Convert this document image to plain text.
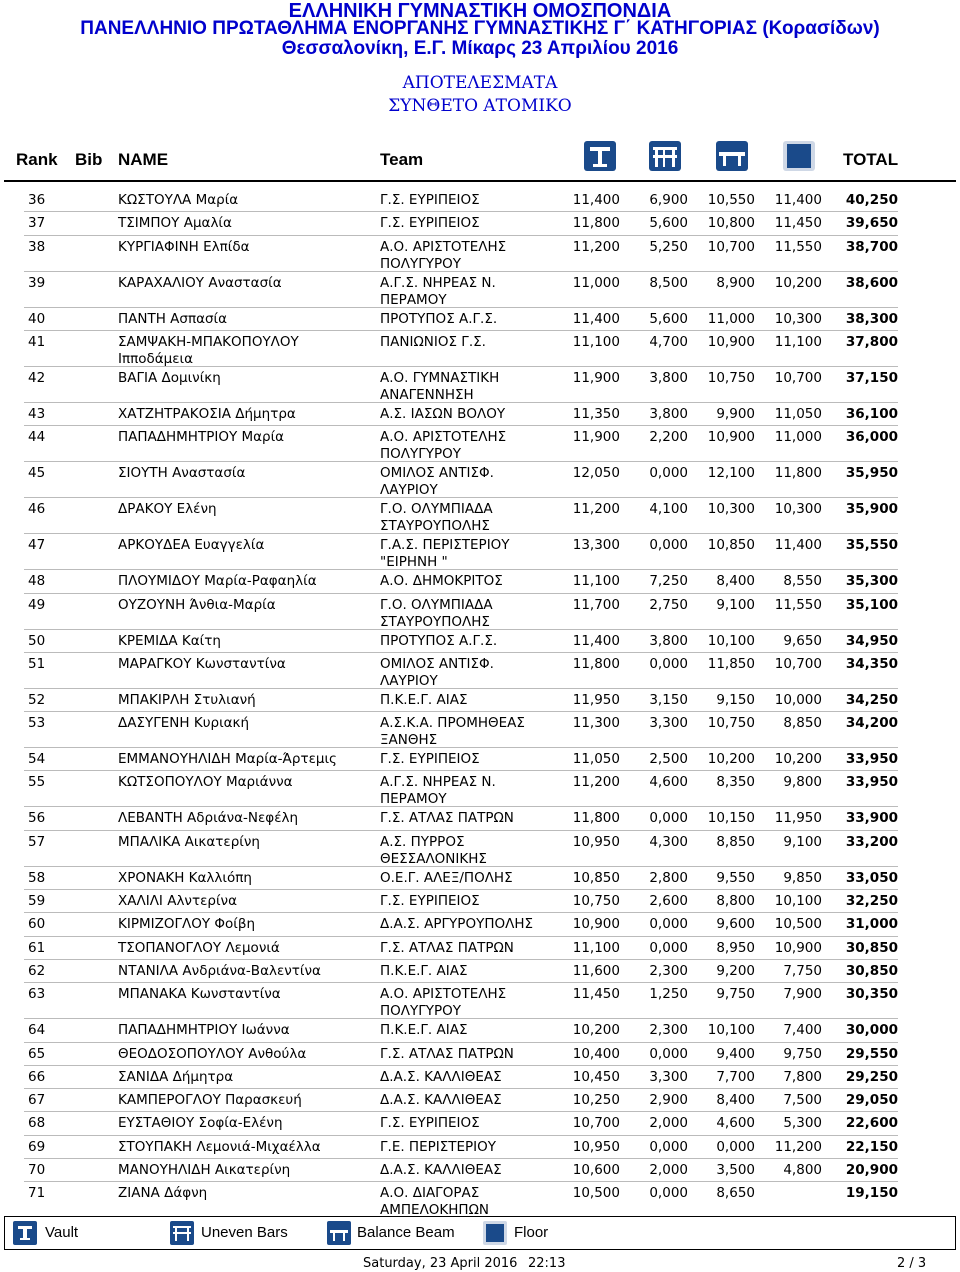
ΕΛΛΗΝΙΚΗ ΓΥΜΝΑΣΤΙΚΗ ΟΜΟΣΠΟΝΔΙΑ
ΠΑΝΕΛΛΗΝΙΟ ΠΡΩΤΑΘΛΗΜΑ ΕΝΟΡΓΑΝΗΣ ΓΥΜΝΑΣΤΙΚΗΣ Γ΄ ΚΑΤΗΓΟΡΙΑΣ (Κορασίδων)
Θεσσαλονίκη, Ε.Γ. Μίκαρς 23 Απριλίου 2016
ΑΠΟΤΕΛΕΣΜΑΤΑ
ΣΥΝΘΕΤΟ ΑΤΟΜΙΚΟ
Rank Bib NAME	Team	TOTAL
36	ΚΩΣΤΟΥΛΑ Μαρία	Γ.Σ. ΕΥΡΙΠΕΙΟΣ	11,400 6,900 10,550 11,400 40,250
37	ΤΣΙΜΠΟΥ Αμαλία	Γ.Σ. ΕΥΡΙΠΕΙΟΣ	11,800 5,600 10,800 11,450 39,650
38	ΚΥΡΓΙΑΦΙΝΗ Ελπίδα	Α.Ο. ΑΡΙΣΤΟΤΕΛΗΣ
ΠΟΛΥΓΥΡΟΥ
11,200 5,250 10,700 11,550 38,700
39	ΚΑΡΑΧΑΛΙΟΥ Αναστασία	Α.Γ.Σ. ΝΗΡΕΑΣ Ν.
ΠΕΡΑΜΟΥ
11,000 8,500 8,900 10,200 38,600
40	ΠΑΝΤΗ Ασπασία	ΠΡΟΤΥΠΟΣ Α.Γ.Σ.	11,400 5,600 11,000 10,300 38,300
41	ΣΑΜΨΑΚΗ-ΜΠΑΚΟΠΟΥΛΟΥ
Ιπποδάμεια
ΠΑΝΙΩΝΙΟΣ Γ.Σ.	11,100 4,700 10,900 11,100 37,800
42	ΒΑΓΙΑ Δομινίκη	Α.Ο. ΓΥΜΝΑΣΤΙΚΗ
ΑΝΑΓΕΝΝΗΣΗ
11,900 3,800 10,750 10,700 37,150
43	ΧΑΤΖΗΤΡΑΚΟΣΙΑ Δήμητρα	Α.Σ. ΙΑΣΩΝ ΒΟΛΟΥ	11,350 3,800 9,900 11,050 36,100
44	ΠΑΠΑΔΗΜΗΤΡΙΟΥ Μαρία	Α.Ο. ΑΡΙΣΤΟΤΕΛΗΣ
ΠΟΛΥΓΥΡΟΥ
11,900 2,200 10,900 11,000 36,000
45	ΣΙΟΥΤΗ Αναστασία	ΟΜΙΛΟΣ ΑΝΤΙΣΦ.
ΛΑΥΡΙΟΥ
12,050 0,000 12,100 11,800 35,950
46	ΔΡΑΚΟΥ Ελένη	Γ.Ο. ΟΛΥΜΠΙΑΔΑ
ΣΤΑΥΡΟΥΠΟΛΗΣ
11,200 4,100 10,300 10,300 35,900
47	ΑΡΚΟΥΔΕΑ Ευαγγελία	Γ.Α.Σ. ΠΕΡΙΣΤΕΡΙΟΥ
"ΕΙΡΗΝΗ "
13,300 0,000 10,850 11,400 35,550
48	ΠΛΟΥΜΙΔΟΥ Μαρία-Ραφαηλία	Α.Ο. ΔΗΜΟΚΡΙΤΟΣ	11,100 7,250 8,400 8,550 35,300
49	ΟΥΖΟΥΝΗ Άνθια-Μαρία	Γ.Ο. ΟΛΥΜΠΙΑΔΑ
ΣΤΑΥΡΟΥΠΟΛΗΣ
11,700 2,750 9,100 11,550 35,100
50	ΚΡΕΜΙΔΑ Καίτη	ΠΡΟΤΥΠΟΣ Α.Γ.Σ.	11,400 3,800 10,100 9,650 34,950
51	ΜΑΡΑΓΚΟΥ Κωνσταντίνα	ΟΜΙΛΟΣ ΑΝΤΙΣΦ.
ΛΑΥΡΙΟΥ
11,800 0,000 11,850 10,700 34,350
52	ΜΠΑΚΙΡΛΗ Στυλιανή	Π.Κ.Ε.Γ. ΑΙΑΣ	11,950 3,150 9,150 10,000 34,250
53	ΔΑΣΥΓΕΝΗ Κυριακή	Α.Σ.Κ.Α. ΠΡΟΜΗΘΕΑΣ
ΞΑΝΘΗΣ
11,300 3,300 10,750 8,850 34,200
54	ΕΜΜΑΝΟΥΗΛΙΔΗ Μαρία-Άρτεμις	Γ.Σ. ΕΥΡΙΠΕΙΟΣ	11,050 2,500 10,200 10,200 33,950
55	ΚΩΤΣΟΠΟΥΛΟΥ Μαριάννα	Α.Γ.Σ. ΝΗΡΕΑΣ Ν.
ΠΕΡΑΜΟΥ
11,200 4,600 8,350 9,800 33,950
56	ΛΕΒΑΝΤΗ Αδριάνα-Νεφέλη	Γ.Σ. ΑΤΛΑΣ ΠΑΤΡΩΝ	11,800 0,000 10,150 11,950 33,900
57	ΜΠΑΛΙΚΑ Αικατερίνη	Α.Σ. ΠΥΡΡΟΣ
ΘΕΣΣΑΛΟΝΙΚΗΣ
10,950 4,300 8,850 9,100 33,200
58	ΧΡΟΝΑΚΗ Καλλιόπη	Ο.Ε.Γ. ΑΛΕΞ/ΠΟΛΗΣ	10,850 2,800 9,550 9,850 33,050
59	ΧΑΛΙΛΙ Αλντερίνα	Γ.Σ. ΕΥΡΙΠΕΙΟΣ	10,750 2,600 8,800 10,100 32,250
60	ΚΙΡΜΙΖΟΓΛΟΥ Φοίβη	Δ.Α.Σ. ΑΡΓΥΡΟΥΠΟΛΗΣ	10,900 0,000 9,600 10,500 31,000
61	ΤΣΟΠΑΝΟΓΛΟΥ Λεμονιά	Γ.Σ. ΑΤΛΑΣ ΠΑΤΡΩΝ	11,100 0,000 8,950 10,900 30,850
62	ΝΤΑΝΙΛΑ Ανδριάνα-Βαλεντίνα	Π.Κ.Ε.Γ. ΑΙΑΣ	11,600 2,300 9,200 7,750 30,850
63	ΜΠΑΝΑΚΑ Κωνσταντίνα	Α.Ο. ΑΡΙΣΤΟΤΕΛΗΣ
ΠΟΛΥΓΥΡΟΥ
11,450 1,250 9,750 7,900 30,350
64	ΠΑΠΑΔΗΜΗΤΡΙΟΥ Ιωάννα	Π.Κ.Ε.Γ. ΑΙΑΣ	10,200 2,300 10,100 7,400 30,000
65	ΘΕΟΔΟΣΟΠΟΥΛΟΥ Ανθούλα	Γ.Σ. ΑΤΛΑΣ ΠΑΤΡΩΝ	10,400 0,000 9,400 9,750 29,550
66	ΣΑΝΙΔΑ Δήμητρα	Δ.Α.Σ. ΚΑΛΛΙΘΕΑΣ	10,450 3,300 7,700 7,800 29,250
67	ΚΑΜΠΕΡΟΓΛΟΥ Παρασκευή	Δ.Α.Σ. ΚΑΛΛΙΘΕΑΣ	10,250 2,900 8,400 7,500 29,050
68	ΕΥΣΤΑΘΙΟΥ Σοφία-Ελένη	Γ.Σ. ΕΥΡΙΠΕΙΟΣ	10,700 2,000 4,600 5,300 22,600
69	ΣΤΟΥΠΑΚΗ Λεμονιά-Μιχαέλλα	Γ.Ε. ΠΕΡΙΣΤΕΡΙΟΥ	10,950 0,000 0,000 11,200 22,150
70	ΜΑΝΟΥΗΛΙΔΗ Αικατερίνη	Δ.Α.Σ. ΚΑΛΛΙΘΕΑΣ	10,600 2,000 3,500 4,800 20,900
71	ΖΙΑΝΑ Δάφνη	Α.Ο. ΔΙΑΓΟΡΑΣ
ΑΜΠΕΛΟΚΗΠΩΝ
10,500 0,000 8,650	19,150
Vault	Uneven Bars	Balance Beam	Floor
Saturday, 23 April 2016 22:13	2 / 3
